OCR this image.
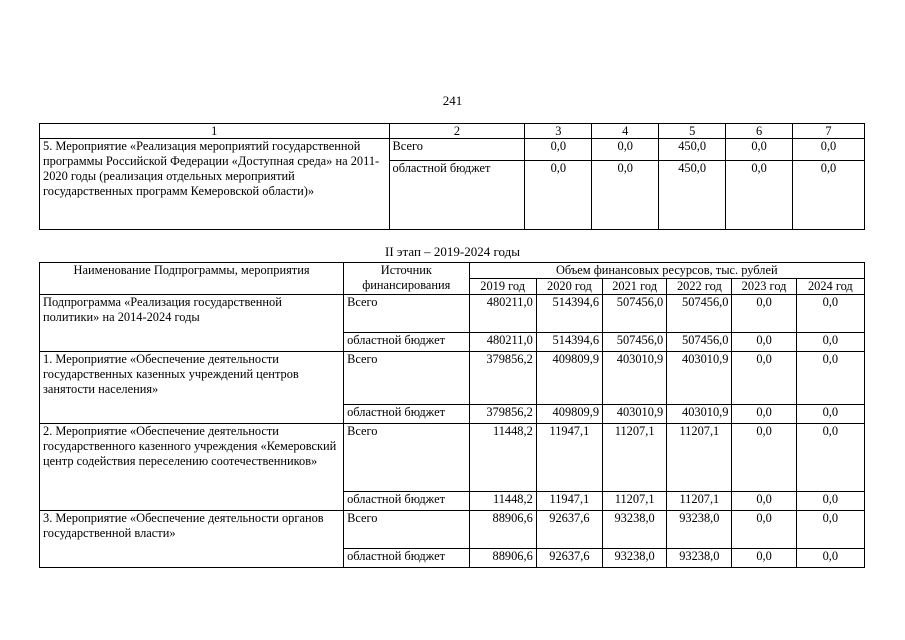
241
1	2	3	4	5	6	7
5. Мероприятие «Реализация мероприятий государственной программы Российской Федерации «Доступная среда» на 2011-2020 годы (реализация отдельных мероприятий государственных программ Кемеровской области)»	Всего	0,0	0,0	450,0	0,0	0,0
	областной бюджет	0,0	0,0	450,0	0,0	0,0
II этап – 2019-2024 годы
Наименование Подпрограммы, мероприятия	Источник финансирования	Объем финансовых ресурсов, тыс. рублей					
		2019 год	2020 год	2021 год	2022 год	2023 год	2024 год
Подпрограмма «Реализация государственной политики» на 2014-2024 годы	Всего	480211,0	514394,6	507456,0	507456,0	0,0	0,0
	областной бюджет	480211,0	514394,6	507456,0	507456,0	0,0	0,0
1. Мероприятие «Обеспечение деятельности государственных казенных учреждений центров занятости населения»	Всего	379856,2	409809,9	403010,9	403010,9	0,0	0,0
	областной бюджет	379856,2	409809,9	403010,9	403010,9	0,0	0,0
2. Мероприятие «Обеспечение деятельности государственного казенного учреждения «Кемеровский центр содействия переселению соотечественников»	Всего	11448,2	11947,1	11207,1	11207,1	0,0	0,0
	областной бюджет	11448,2	11947,1	11207,1	11207,1	0,0	0,0
3. Мероприятие «Обеспечение деятельности органов государственной власти»	Всего	88906,6	92637,6	93238,0	93238,0	0,0	0,0
	областной бюджет	88906,6	92637,6	93238,0	93238,0	0,0	0,0
